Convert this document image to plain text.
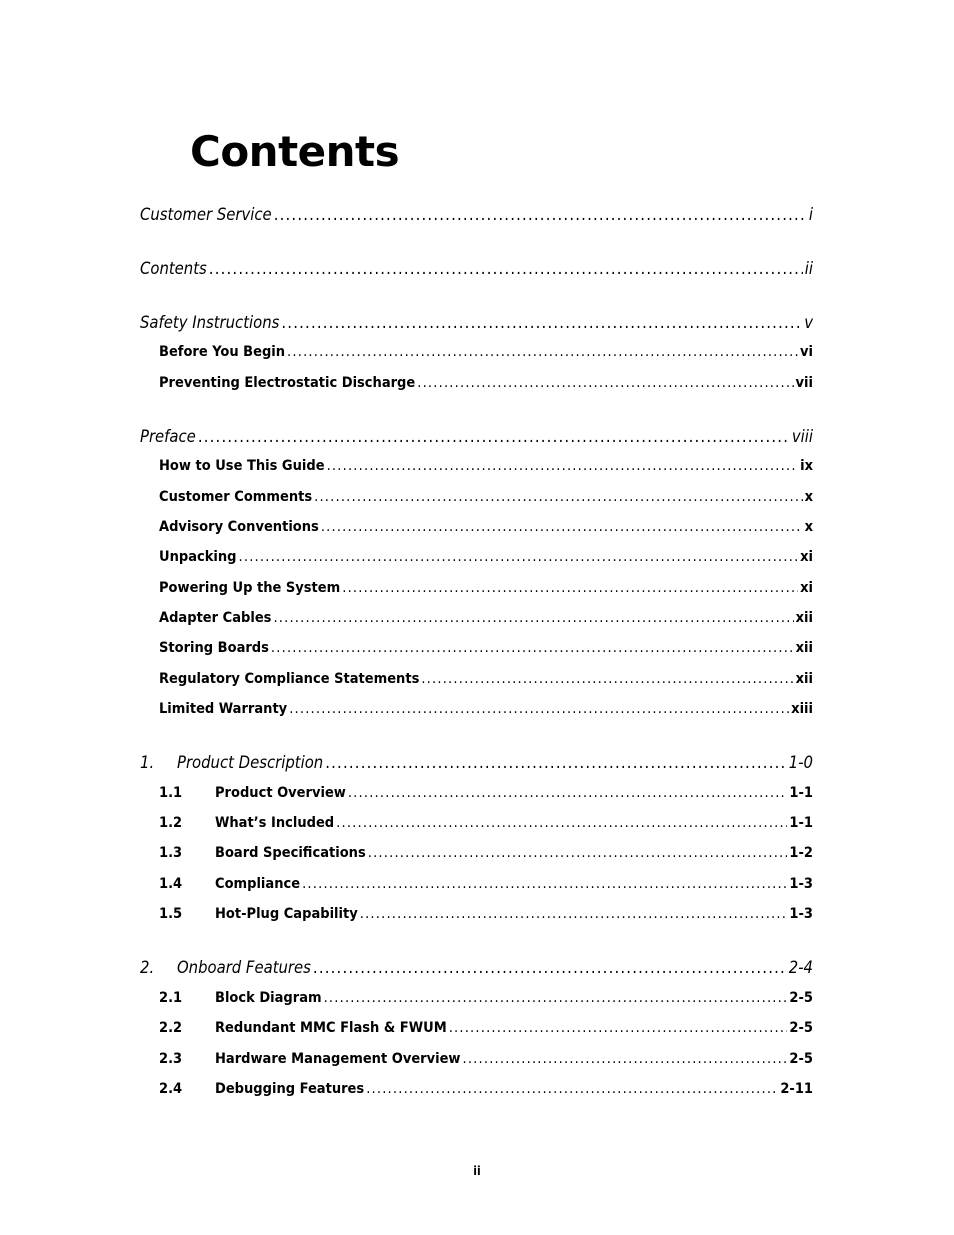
Contents
Customer Service .....	i
Contents .....	ii
Safety Instructions .....	v
Before You Begin .....	vi
Preventing Electrostatic Discharge .....	vii
Preface .....	viii
How to Use This Guide .....	ix
Customer Comments .....	x
Advisory Conventions .....	x
Unpacking .....	xi
Powering Up the System .....	xi
Adapter Cables .....	xii
Storing Boards .....	xii
Regulatory Compliance Statements .....	xii
Limited Warranty .....	xiii
1.	Product Description .....	1-0
1.1	Product Overview .....	1-1
1.2	What’s Included .....	1-1
1.3	Board Specifications .....	1-2
1.4	Compliance .....	1-3
1.5	Hot-Plug Capability .....	1-3
2.	Onboard Features .....	2-4
2.1	Block Diagram .....	2-5
2.2	Redundant MMC Flash & FWUM .....	2-5
2.3	Hardware Management Overview .....	2-5
2.4	Debugging Features .....	2-11
ii
